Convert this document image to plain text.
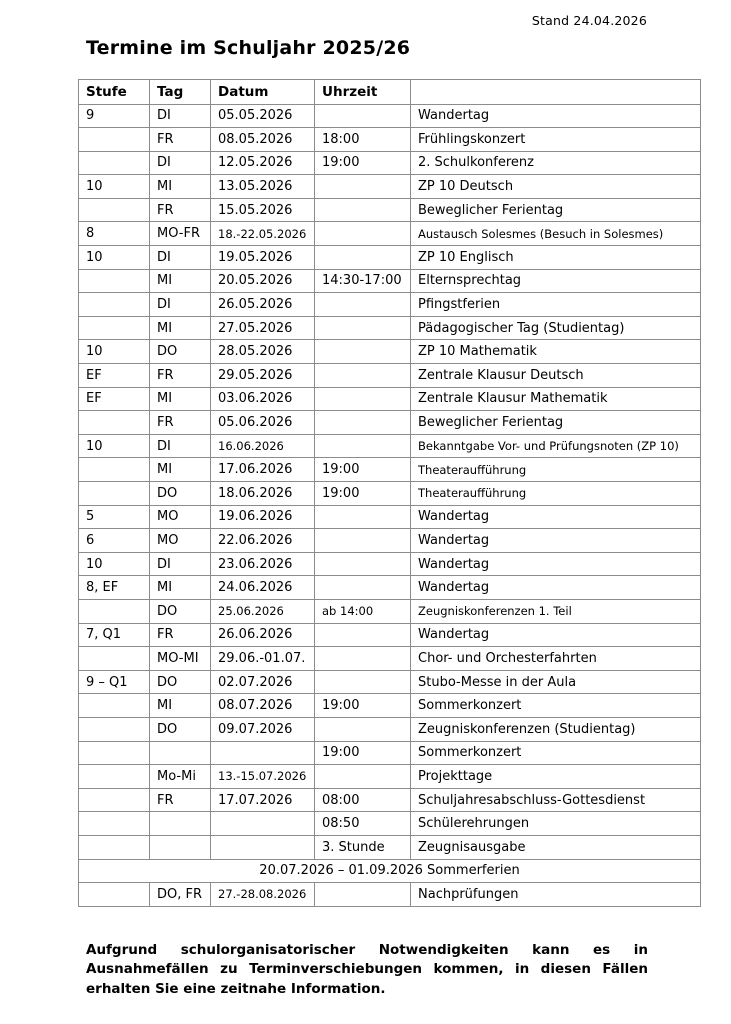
Stand 24.04.2026
Termine im Schuljahr 2025/26
Stufe	Tag	Datum	Uhrzeit	
9	DI	05.05.2026		Wandertag
	FR	08.05.2026	18:00	Frühlingskonzert
	DI	12.05.2026	19:00	2. Schulkonferenz
10	MI	13.05.2026		ZP 10 Deutsch
	FR	15.05.2026		Beweglicher Ferientag
8	MO-FR	18.-22.05.2026		Austausch Solesmes (Besuch in Solesmes)
10	DI	19.05.2026		ZP 10 Englisch
	MI	20.05.2026	14:30-17:00	Elternsprechtag
	DI	26.05.2026		Pfingstferien
	MI	27.05.2026		Pädagogischer Tag (Studientag)
10	DO	28.05.2026		ZP 10 Mathematik
EF	FR	29.05.2026		Zentrale Klausur Deutsch
EF	MI	03.06.2026		Zentrale Klausur Mathematik
	FR	05.06.2026		Beweglicher Ferientag
10	DI	16.06.2026		Bekanntgabe Vor- und Prüfungsnoten (ZP 10)
	MI	17.06.2026	19:00	Theateraufführung
	DO	18.06.2026	19:00	Theateraufführung
5	MO	19.06.2026		Wandertag
6	MO	22.06.2026		Wandertag
10	DI	23.06.2026		Wandertag
8, EF	MI	24.06.2026		Wandertag
	DO	25.06.2026	ab 14:00	Zeugniskonferenzen 1. Teil
7, Q1	FR	26.06.2026		Wandertag
	MO-MI	29.06.-01.07.		Chor- und Orchesterfahrten
9 – Q1	DO	02.07.2026		Stubo-Messe in der Aula
	MI	08.07.2026	19:00	Sommerkonzert
	DO	09.07.2026		Zeugniskonferenzen (Studientag)
			19:00	Sommerkonzert
	Mo-Mi	13.-15.07.2026		Projekttage
	FR	17.07.2026	08:00	Schuljahresabschluss-Gottesdienst
			08:50	Schülerehrungen
			3. Stunde	Zeugnisausgabe
20.07.2026 – 01.09.2026 Sommerferien				
	DO, FR	27.-28.08.2026		Nachprüfungen

Aufgrund schulorganisatorischer Notwendigkeiten kann es in Ausnahmefällen zu Terminverschiebungen kommen, in diesen Fällen erhalten Sie eine zeitnahe Information.
